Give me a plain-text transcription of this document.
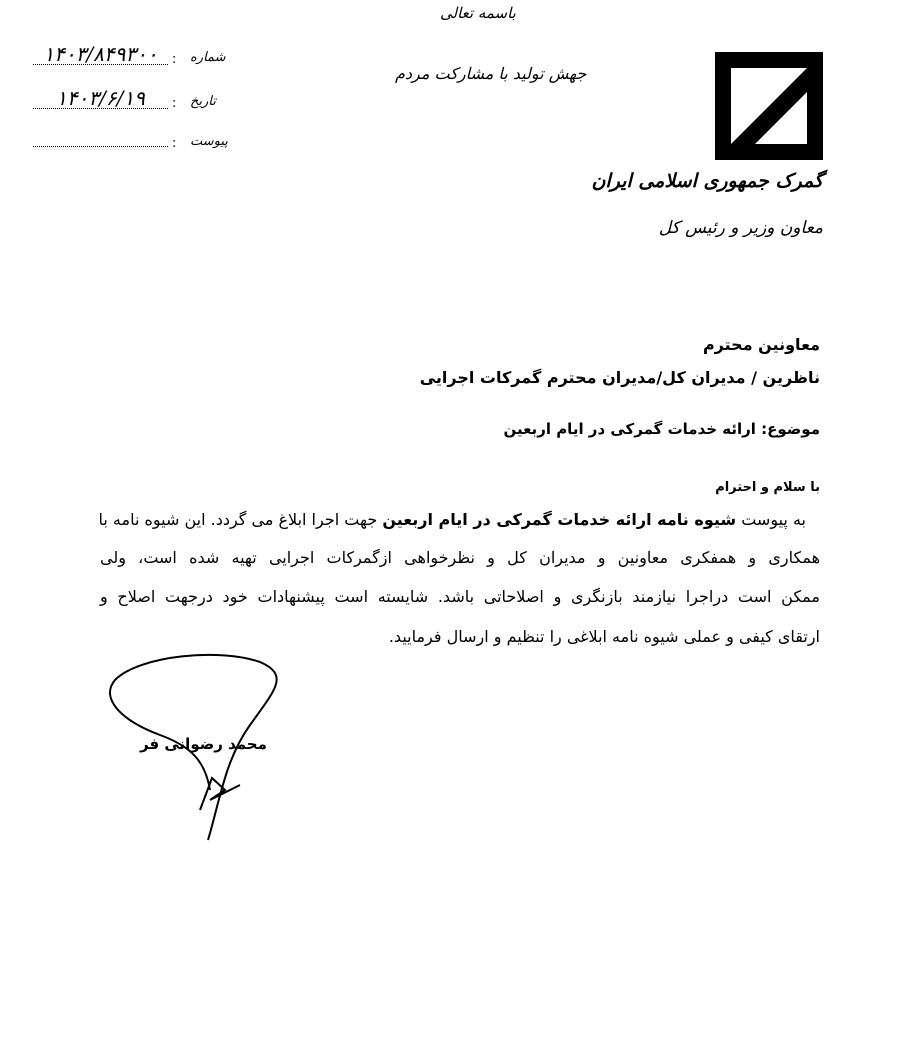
باسمه تعالی
جهش تولید با مشارکت مردم
۱۴۰۳/۸۴۹۳۰۰	: شماره
۱۴۰۳/۶/۱۹	: تاریخ
: پیوست
گمرک جمهوری اسلامی ایران
معاون وزیر و رئیس کل
معاونین محترم
ناظرین / مدیران کل/مدیران محترم گمرکات اجرایی
موضوع: ارائه خدمات گمرکی در ایام اربعین
با سلام و احترام
به پیوست شیوه نامه ارائه خدمات گمرکی در ایام اربعین جهت اجرا ابلاغ می گردد. این شیوه نامه با
همکاری و همفکری معاونین و مدیران کل و نظرخواهی ازگمرکات اجرایی تهیه شده است، ولی
ممکن است دراجرا نیازمند بازنگری و اصلاحاتی باشد. شایسته است پیشنهادات خود درجهت اصلاح و
ارتقای کیفی و عملی شیوه نامه ابلاغی را تنظیم و ارسال فرمایید.
محمد رضوانی فر
